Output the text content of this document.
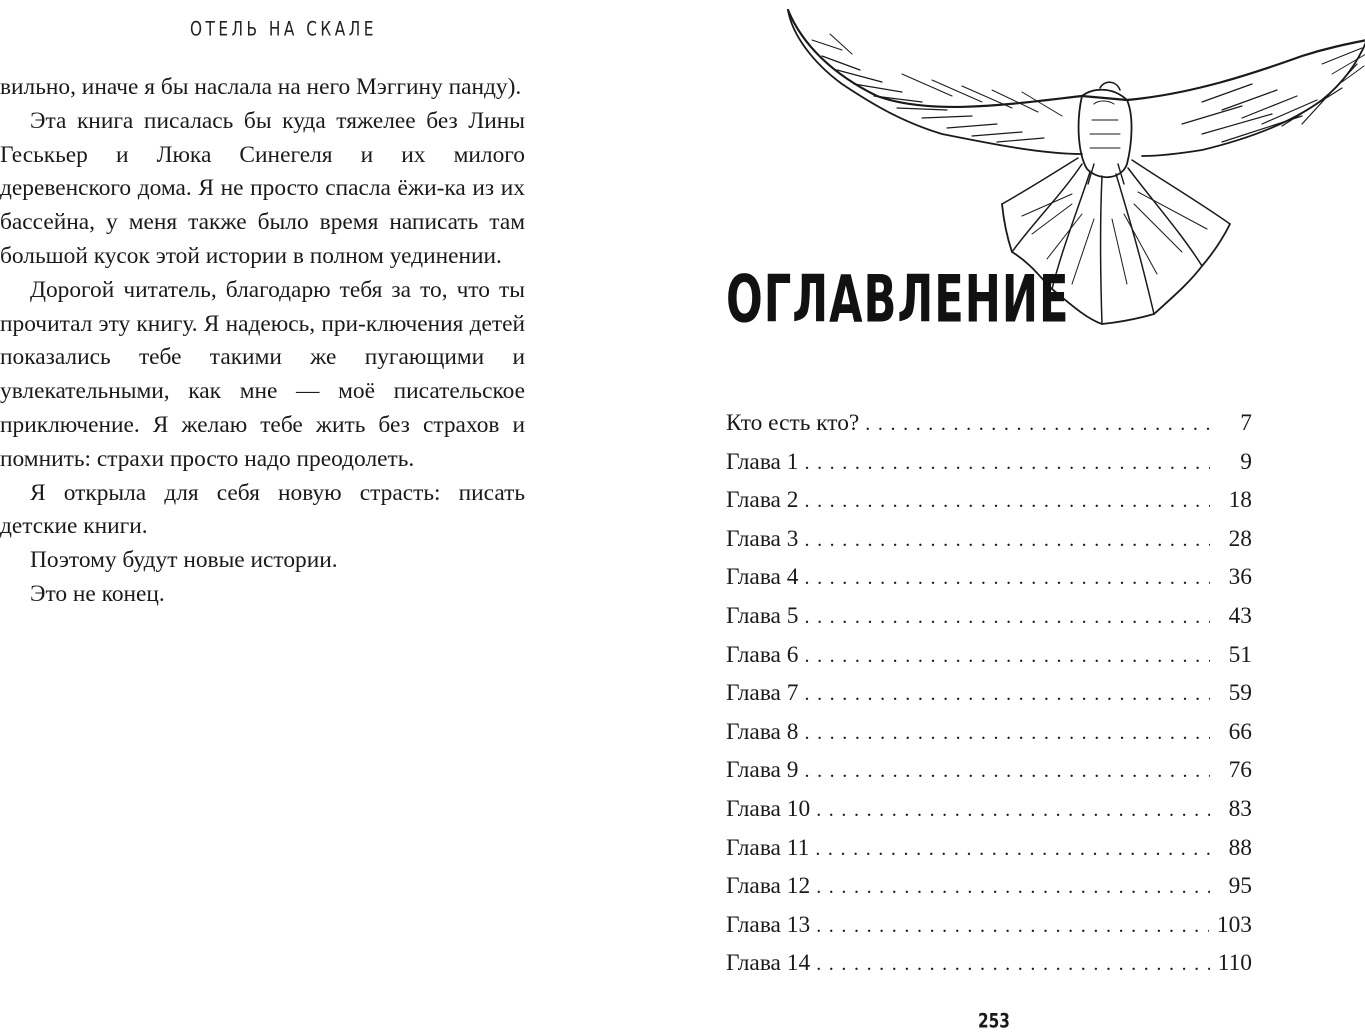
ОТЕЛЬ НА СКАЛЕ

вильно, иначе я бы наслала на него Мэггину панду).

Эта книга писалась бы куда тяжелее без Лины Геськьер и Люка Синегеля и их милого деревенского дома. Я не просто спасла ёжи-ка из их бассейна, у меня также было время написать там большой кусок этой истории в полном уединении.

Дорогой читатель, благодарю тебя за то, что ты прочитал эту книгу. Я надеюсь, при-ключения детей показались тебе такими же пугающими и увлекательными, как мне — моё писательское приключение. Я желаю тебе жить без страхов и помнить: страхи просто надо преодолеть.

Я открыла для себя новую страсть: писать детские книги.

Поэтому будут новые истории.

Это не конец.

ОГЛАВЛЕНИЕ
Кто есть кто? . . .	7
Глава 1 . . .	9
Глава 2 . . .	18
Глава 3 . . .	28
Глава 4 . . .	36
Глава 5 . . .	43
Глава 6 . . .	51
Глава 7 . . .	59
Глава 8 . . .	66
Глава 9 . . .	76
Глава 10 . . .	83
Глава 11 . . .	88
Глава 12 . . .	95
Глава 13 . . .	103
Глава 14 . . .	110
253
